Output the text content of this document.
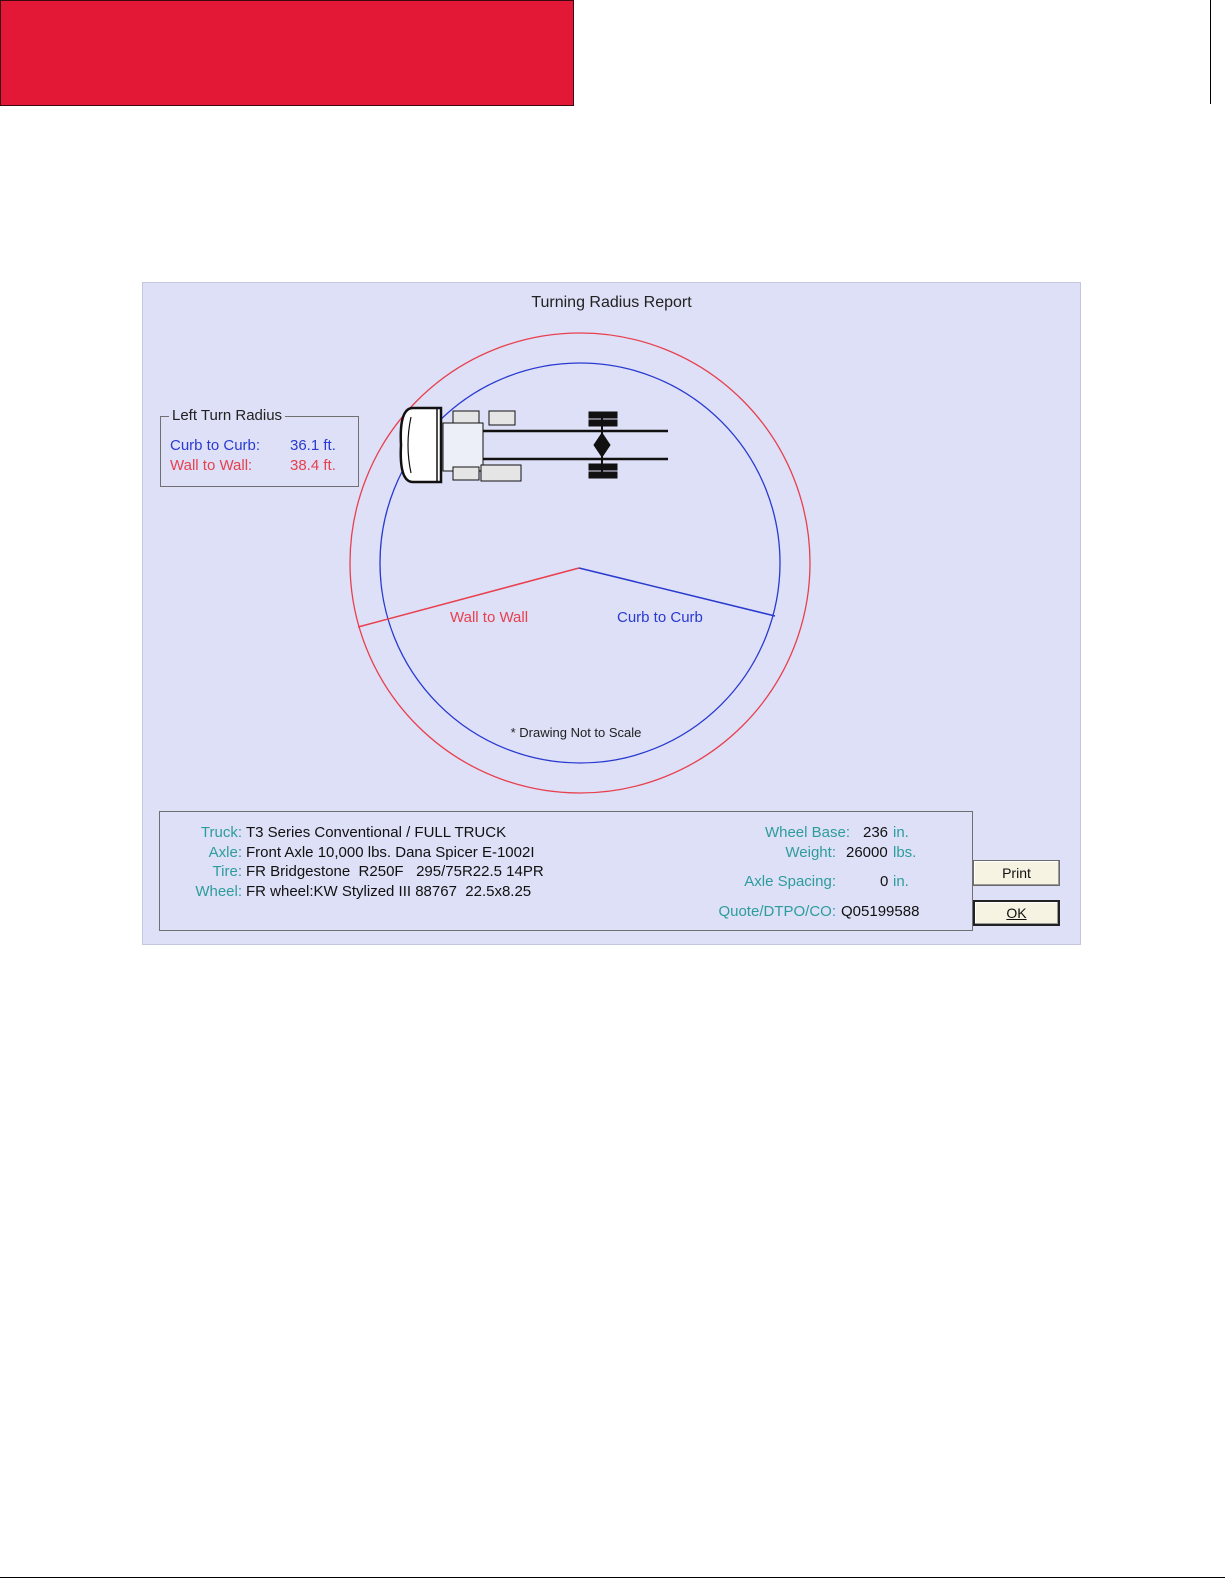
Turning Radius Report
Wall to Wall	Curb to Curb
* Drawing Not to Scale
Left Turn Radius
Curb to Curb: 36.1 ft.
Wall to Wall:	38.4 ft.
Truck: T3 Series Conventional / FULL TRUCK
Axle: Front Axle 10,000 lbs. Dana Spicer E-1002I
Tire: FR Bridgestone  R250F   295/75R22.5 14PR
Wheel: FR wheel:KW Stylized III 88767  22.5x8.25
Wheel Base: 236 in.
Weight: 26000 lbs.
Axle Spacing:	0 in.
Quote/DTPO/CO: Q05199588
Print
OK
